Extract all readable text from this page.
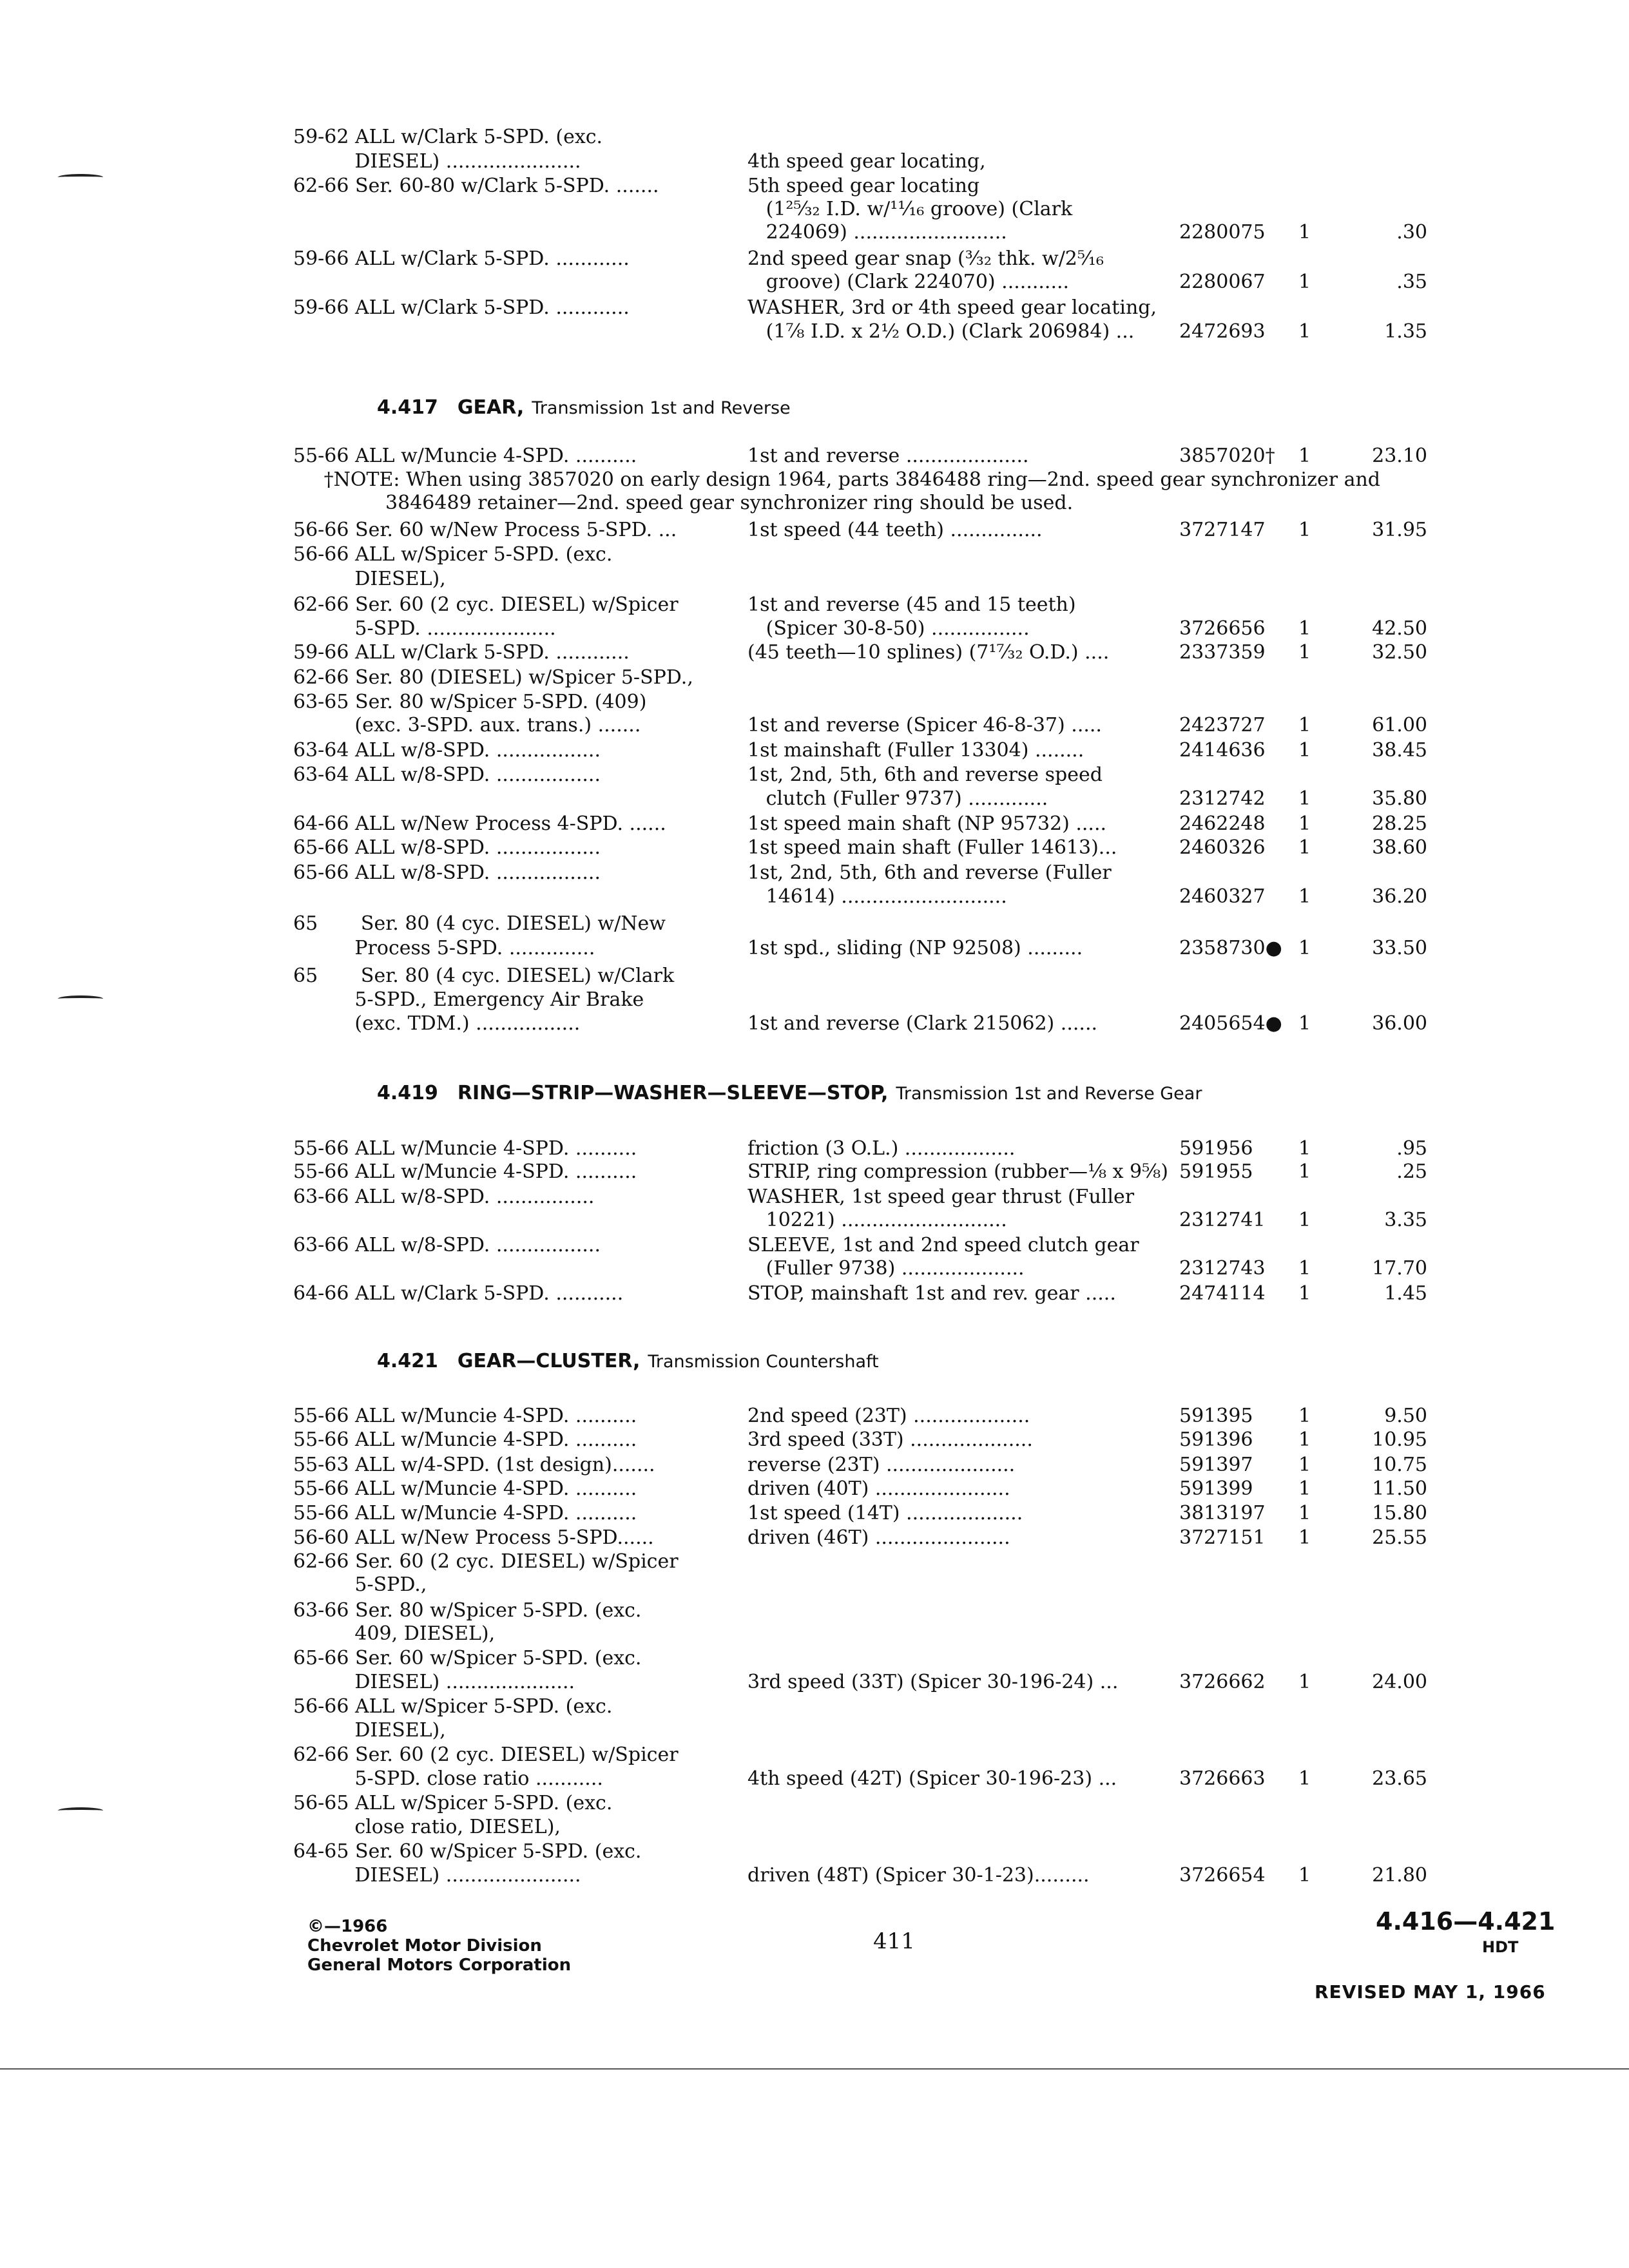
59-62 ALL w/Clark 5-SPD. (exc.
DIESEL) ......................	4th speed gear locating,
62-66 Ser. 60-80 w/Clark 5-SPD. .......	5th speed gear locating
(1²⁵⁄₃₂ I.D. w/¹¹⁄₁₆ groove) (Clark
224069) .........................	2280075 1	.30
59-66 ALL w/Clark 5-SPD. ............	2nd speed gear snap (³⁄₃₂ thk. w/2⁵⁄₁₆
groove) (Clark 224070) ...........	2280067 1	.35
59-66 ALL w/Clark 5-SPD. ............	WASHER, 3rd or 4th speed gear locating,
(1⁷⁄₈ I.D. x 2½ O.D.) (Clark 206984) ... 2472693 1	1.35
4.417 GEAR, Transmission 1st and Reverse
55-66 ALL w/Muncie 4-SPD. ..........	1st and reverse ....................	3857020† 1	23.10
†NOTE: When using 3857020 on early design 1964, parts 3846488 ring—2nd. speed gear synchronizer and
3846489 retainer—2nd. speed gear synchronizer ring should be used.
56-66 Ser. 60 w/New Process 5-SPD. ...	1st speed (44 teeth) ...............	3727147 1	31.95
56-66 ALL w/Spicer 5-SPD. (exc.
DIESEL),
62-66 Ser. 60 (2 cyc. DIESEL) w/Spicer	1st and reverse (45 and 15 teeth)
5-SPD. .....................	(Spicer 30-8-50) ................	3726656 1	42.50
59-66 ALL w/Clark 5-SPD. ............	(45 teeth—10 splines) (7¹⁷⁄₃₂ O.D.) ....	2337359 1	32.50
62-66 Ser. 80 (DIESEL) w/Spicer 5-SPD.,
63-65 Ser. 80 w/Spicer 5-SPD. (409)
(exc. 3-SPD. aux. trans.) .......	1st and reverse (Spicer 46-8-37) .....	2423727 1	61.00
63-64 ALL w/8-SPD. .................	1st mainshaft (Fuller 13304) ........	2414636 1	38.45
63-64 ALL w/8-SPD. .................	1st, 2nd, 5th, 6th and reverse speed
clutch (Fuller 9737) .............	2312742 1	35.80
64-66 ALL w/New Process 4-SPD. ......	1st speed main shaft (NP 95732) .....	2462248 1	28.25
65-66 ALL w/8-SPD. .................	1st speed main shaft (Fuller 14613)...	2460326 1	38.60
65-66 ALL w/8-SPD. .................	1st, 2nd, 5th, 6th and reverse (Fuller
14614) ...........................	2460327 1	36.20
65       Ser. 80 (4 cyc. DIESEL) w/New
Process 5-SPD. ..............	1st spd., sliding (NP 92508) .........	2358730● 1	33.50
65       Ser. 80 (4 cyc. DIESEL) w/Clark
5-SPD., Emergency Air Brake
(exc. TDM.) .................	1st and reverse (Clark 215062) ......	2405654● 1	36.00
4.419 RING—STRIP—WASHER—SLEEVE—STOP, Transmission 1st and Reverse Gear
55-66 ALL w/Muncie 4-SPD. ..........	friction (3 O.L.) ..................	591956 1	.95
55-66 ALL w/Muncie 4-SPD. ..........	STRIP, ring compression (rubber—⅛ x 9⅝) 591955 1	.25
63-66 ALL w/8-SPD. ................	WASHER, 1st speed gear thrust (Fuller
10221) ...........................	2312741 1	3.35
63-66 ALL w/8-SPD. .................	SLEEVE, 1st and 2nd speed clutch gear
(Fuller 9738) ....................	2312743 1	17.70
64-66 ALL w/Clark 5-SPD. ...........	STOP, mainshaft 1st and rev. gear .....	2474114 1	1.45
4.421 GEAR—CLUSTER, Transmission Countershaft
55-66 ALL w/Muncie 4-SPD. ..........	2nd speed (23T) ...................	591395 1	9.50
55-66 ALL w/Muncie 4-SPD. ..........	3rd speed (33T) ....................	591396 1	10.95
55-63 ALL w/4-SPD. (1st design).......	reverse (23T) .....................	591397 1	10.75
55-66 ALL w/Muncie 4-SPD. ..........	driven (40T) ......................	591399 1	11.50
55-66 ALL w/Muncie 4-SPD. ..........	1st speed (14T) ...................	3813197 1	15.80
56-60 ALL w/New Process 5-SPD......	driven (46T) ......................	3727151 1	25.55
62-66 Ser. 60 (2 cyc. DIESEL) w/Spicer
5-SPD.,
63-66 Ser. 80 w/Spicer 5-SPD. (exc.
409, DIESEL),
65-66 Ser. 60 w/Spicer 5-SPD. (exc.
DIESEL) .....................	3rd speed (33T) (Spicer 30-196-24) ...	3726662 1	24.00
56-66 ALL w/Spicer 5-SPD. (exc.
DIESEL),
62-66 Ser. 60 (2 cyc. DIESEL) w/Spicer
5-SPD. close ratio ...........	4th speed (42T) (Spicer 30-196-23) ...	3726663 1	23.65
56-65 ALL w/Spicer 5-SPD. (exc.
close ratio, DIESEL),
64-65 Ser. 60 w/Spicer 5-SPD. (exc.
DIESEL) ......................	driven (48T) (Spicer 30-1-23).........	3726654 1	21.80
©—1966
Chevrolet Motor Division
General Motors Corporation
411
4.416—4.421
HDT
REVISED MAY 1, 1966
